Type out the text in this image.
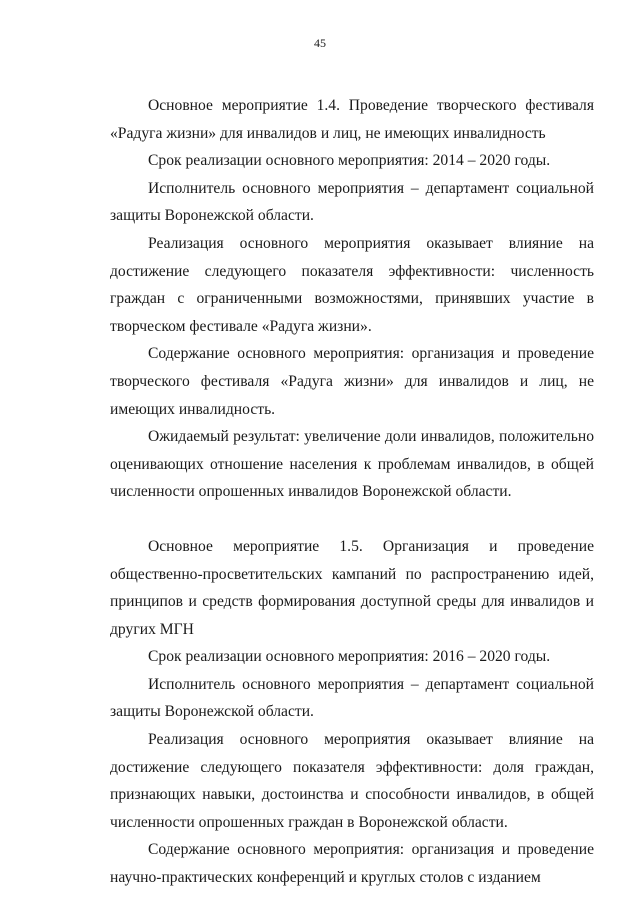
45

Основное мероприятие 1.4. Проведение творческого фестиваля «Радуга жизни» для инвалидов и лиц, не имеющих инвалидность

Срок реализации основного мероприятия: 2014 – 2020 годы.

Исполнитель основного мероприятия – департамент социальной защиты Воронежской области.

Реализация основного мероприятия оказывает влияние на достижение следующего показателя эффективности: численность граждан с ограниченными возможностями, принявших участие в творческом фестивале «Радуга жизни».

Содержание основного мероприятия: организация и проведение творческого фестиваля «Радуга жизни» для инвалидов и лиц, не имеющих инвалидность.

Ожидаемый результат: увеличение доли инвалидов, положительно оценивающих отношение населения к проблемам инвалидов, в общей численности опрошенных инвалидов Воронежской области.

Основное мероприятие 1.5. Организация и проведение общественно-просветительских кампаний по распространению идей, принципов и средств формирования доступной среды для инвалидов и других МГН

Срок реализации основного мероприятия: 2016 – 2020 годы.

Исполнитель основного мероприятия – департамент социальной защиты Воронежской области.

Реализация основного мероприятия оказывает влияние на достижение следующего показателя эффективности: доля граждан, признающих навыки, достоинства и способности инвалидов, в общей численности опрошенных граждан в Воронежской области.

Содержание основного мероприятия: организация и проведение научно-практических конференций и круглых столов с изданием
